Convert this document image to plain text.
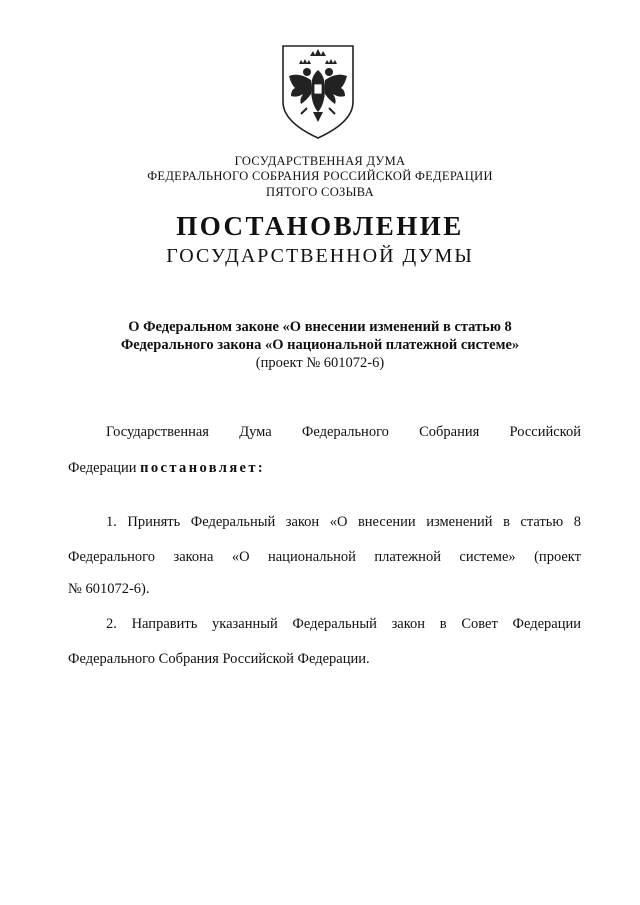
ГОСУДАРСТВЕННАЯ ДУМА
ФЕДЕРАЛЬНОГО СОБРАНИЯ РОССИЙСКОЙ ФЕДЕРАЦИИ
ПЯТОГО СОЗЫВА
ПОСТАНОВЛЕНИЕ
ГОСУДАРСТВЕННОЙ ДУМЫ
О Федеральном законе «О внесении изменений в статью 8
Федерального закона «О национальной платежной системе»
(проект № 601072-6)
Государственная Дума Федерального Собрания Российской
Федерации постановляет:
1. Принять Федеральный закон «О внесении изменений в статью 8
Федерального закона «О национальной платежной системе» (проект
№ 601072-6).
2. Направить указанный Федеральный закон в Совет Федерации
Федерального Собрания Российской Федерации.
